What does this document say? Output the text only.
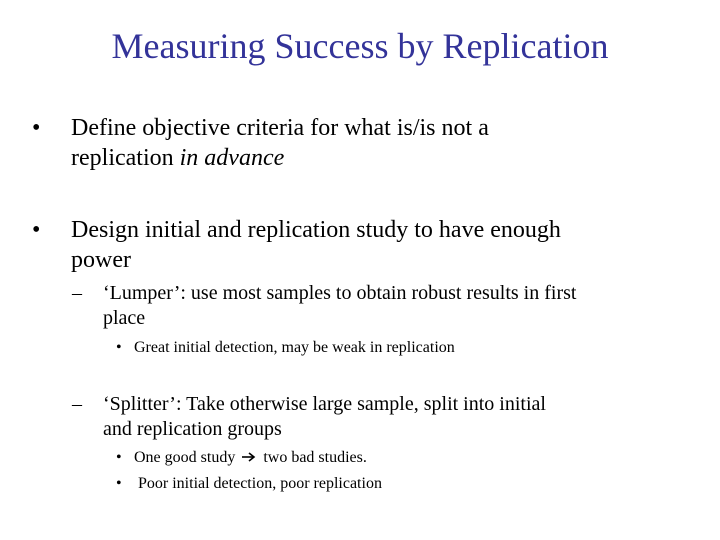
Measuring Success by Replication
• Define objective criteria for what is/is not a
replication in advance
• Design initial and replication study to have enough
power
– ‘Lumper’: use most samples to obtain robust results in first
place
• Great initial detection, may be weak in replication
– ‘Splitter’: Take otherwise large sample, split into initial
and replication groups
• One good study  two bad studies.
• Poor initial detection, poor replication
